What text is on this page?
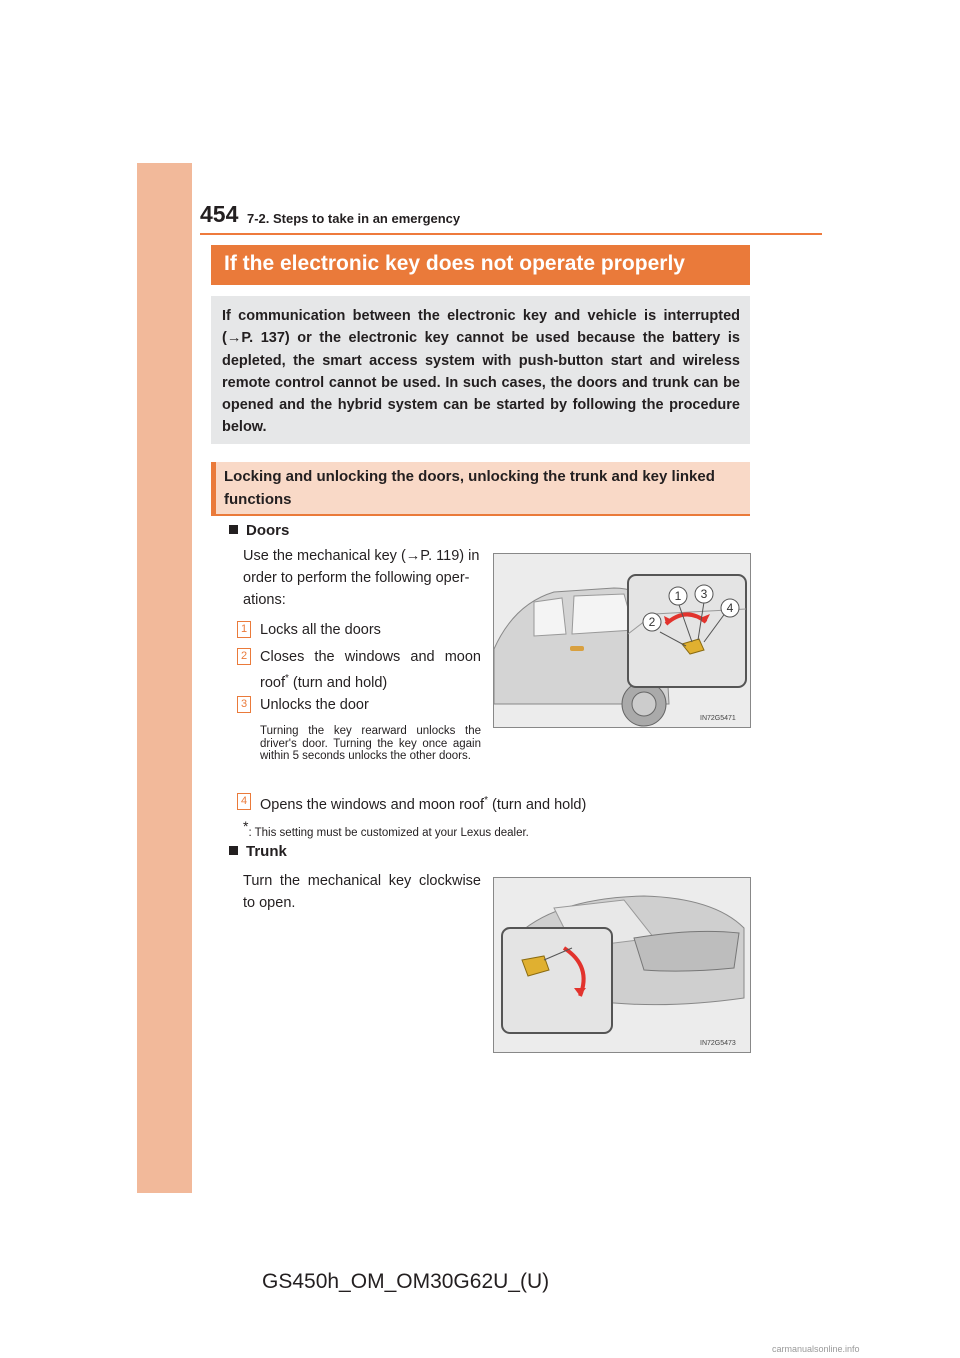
454 7-2. Steps to take in an emergency
If the electronic key does not operate properly

If communication between the electronic key and vehicle is interrupted (→P. 137) or the electronic key cannot be used because the battery is depleted, the smart access system with push-button start and wireless remote control cannot be used. In such cases, the doors and trunk can be opened and the hybrid system can be started by following the procedure below.

Locking and unlocking the doors, unlocking the trunk and key linked functions

Doors

Use the mechanical key (→P. 119) in
order to perform the following oper-
ations:

1 Locks all the doors

2 Closes the windows and moon

roof* (turn and hold)

3 Unlocks the door

Turning the key rearward unlocks the driver's door. Turning the key once again within 5 seconds unlocks the other doors.

4 Opens the windows and moon roof* (turn and hold)

*: This setting must be customized at your Lexus dealer.

1
2
3
4
IN72G5471
Trunk

Turn the mechanical key clockwise

to open.

IN72G5473
GS450h_OM_OM30G62U_(U)
carmanualsonline.info
